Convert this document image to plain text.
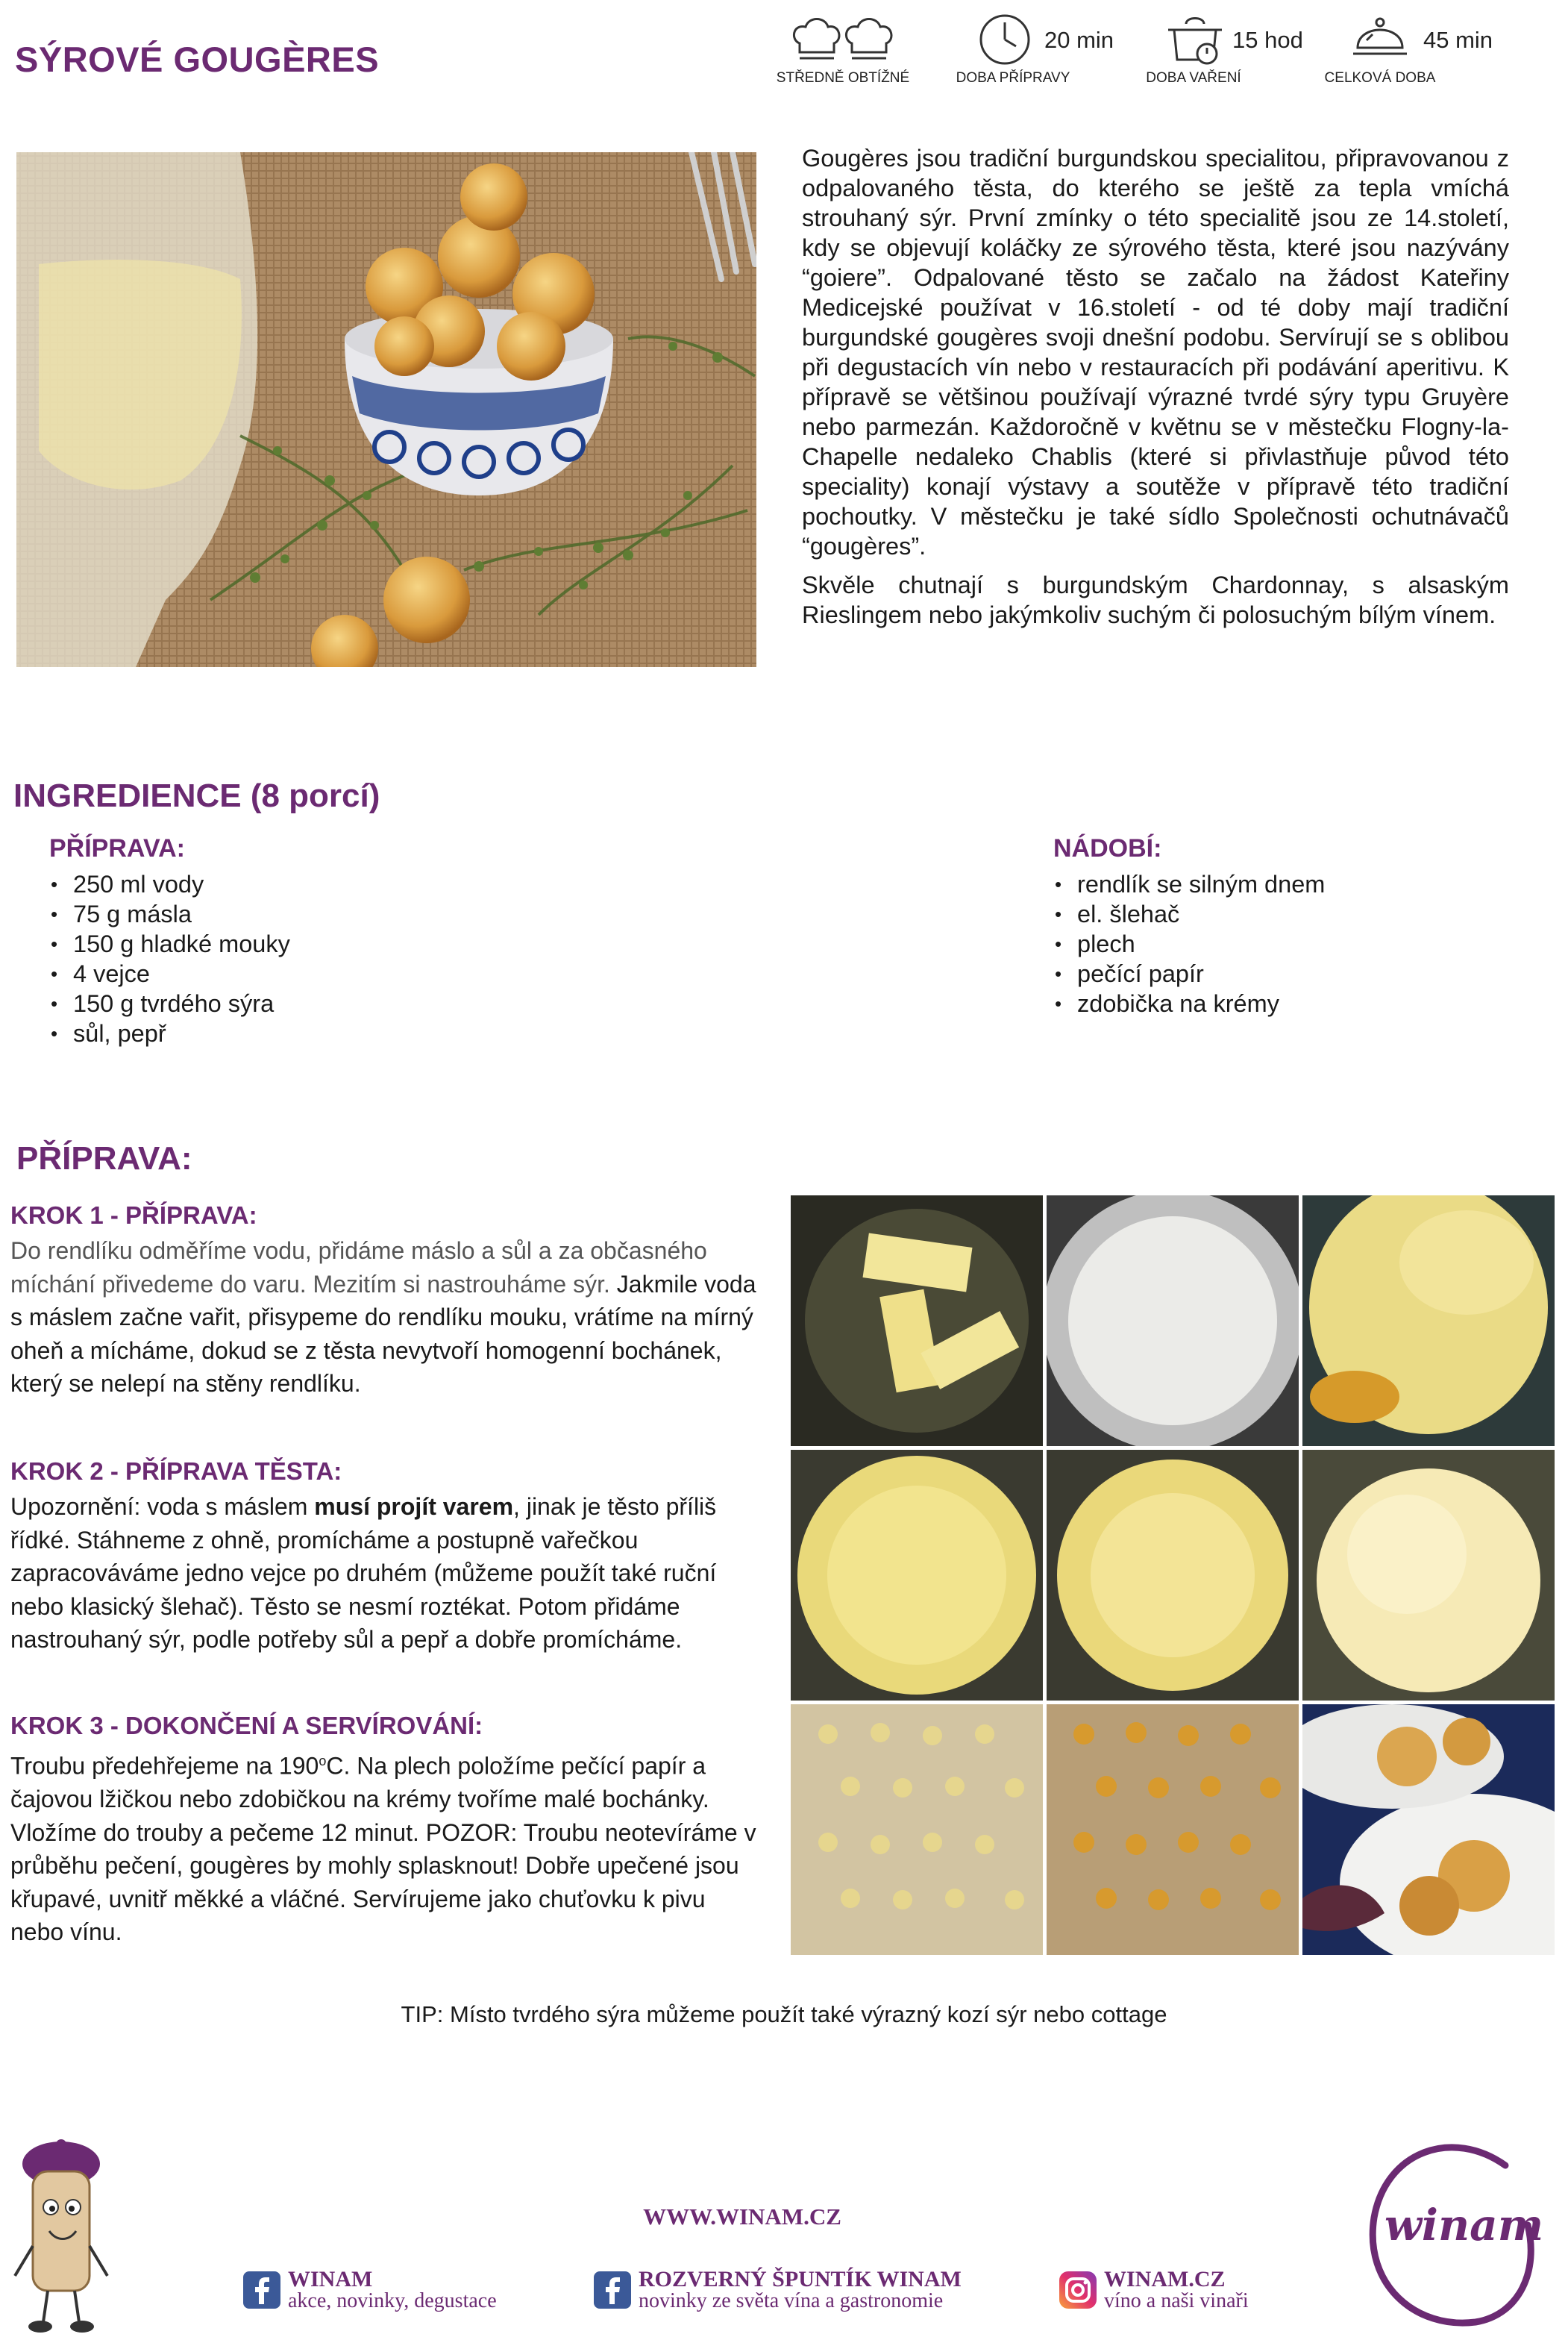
SÝROVÉ GOUGÈRES	STŘEDNĚ OBTÍŽNÉ
20 min
DOBA PŘÍPRAVY
15 hod
DOBA VAŘENÍ
45 min
CELKOVÁ DOBA

Gougères jsou tradiční burgundskou specialitou, připravovanou z odpalovaného těsta, do kterého se ještě za tepla vmíchá strouhaný sýr. První zmínky o této specialitě jsou ze 14.století, kdy se objevují koláčky ze sýrového těsta, které jsou nazývány “goiere”. Odpalované těsto se začalo na žádost Kateřiny Medicejské používat v 16.století - od té doby mají tradiční burgundské gougères svoji dnešní podobu. Servírují se s oblibou při degustacích vín nebo v restauracích při podávání aperitivu. K přípravě se většinou používají výrazné tvrdé sýry typu Gruyère nebo parmezán. Každoročně v květnu se v městečku Flogny-la-Chapelle nedaleko Chablis (které si přivlastňuje původ této speciality) konají výstavy a soutěže v přípravě této tradiční pochoutky. V městečku je také sídlo Společnosti ochutnávačů “gougères”.

Skvěle chutnají s burgundským Chardonnay, s alsaským Rieslingem nebo jakýmkoliv suchým či polosuchým bílým vínem.

INGREDIENCE (8 porcí)
PŘÍPRAVA:
• 250 ml vody
• 75 g másla
• 150 g hladké mouky
• 4 vejce
• 150 g tvrdého sýra
• sůl, pepř
NÁDOBÍ:
• rendlík se silným dnem
• el. šlehač
• plech
• pečící papír
• zdobička na krémy
PŘÍPRAVA:
KROK 1 - PŘÍPRAVA:
Do rendlíku odměříme vodu, přidáme máslo a sůl a za občasného míchání přivedeme do varu. Mezitím si nastrouháme sýr. Jakmile voda s máslem začne vařit, přisypeme do rendlíku mouku, vrátíme na mírný oheň a mícháme, dokud se z těsta nevytvoří homogenní bochánek, který se nelepí na stěny rendlíku.
KROK 2 - PŘÍPRAVA TĚSTA:
Upozornění: voda s máslem musí projít varem, jinak je těsto příliš řídké. Stáhneme z ohně, promícháme a postupně vařečkou zapracováváme jedno vejce po druhém (můžeme použít také ruční nebo klasický šlehač). Těsto se nesmí roztékat. Potom přidáme nastrouhaný sýr, podle potřeby sůl a pepř a dobře promícháme.
KROK 3 - DOKONČENÍ A SERVÍROVÁNÍ:
Troubu předehřejeme na 190$^o$C. Na plech položíme pečící papír a čajovou lžičkou nebo zdobičkou na krémy tvoříme malé bochánky. Vložíme do trouby a pečeme 12 minut. POZOR: Troubu neotevíráme v průběhu pečení, gougères by mohly splasknout! Dobře upečené jsou křupavé, uvnitř měkké a vláčné. Servírujeme jako chuťovku k pivu nebo vínu.
TIP: Místo tvrdého sýra můžeme použít také výrazný kozí sýr nebo cottage
WWW.WINAM.CZ
WINAM
akce, novinky, degustace
ROZVERNÝ ŠPUNTÍK WINAM
novinky ze světa vína a gastronomie
WINAM.CZ
víno a naši vinaři
winam
